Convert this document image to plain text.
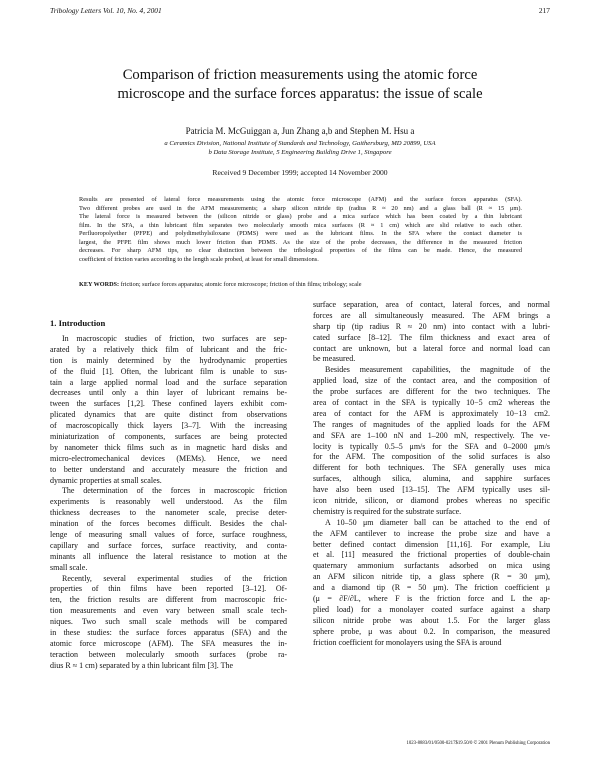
Tribology Letters Vol. 10, No. 4, 2001	217
Comparison of friction measurements using the atomic force
microscope and the surface forces apparatus: the issue of scale
Patricia M. McGuiggan a, Jun Zhang a,b and Stephen M. Hsu a
a Ceramics Division, National Institute of Standards and Technology, Gaithersburg, MD 20899, USA
b Data Storage Institute, 5 Engineering Building Drive 1, Singapore
Received 9 December 1999; accepted 14 November 2000
Results are presented of lateral force measurements using the atomic force microscope (AFM) and the surface forces apparatus (SFA).
Two different probes are used in the AFM measurements; a sharp silicon nitride tip (radius R ≈ 20 nm) and a glass ball (R ≈ 15 μm).
The lateral force is measured between the (silicon nitride or glass) probe and a mica surface which has been coated by a thin lubricant
film. In the SFA, a thin lubricant film separates two molecularly smooth mica surfaces (R ≈ 1 cm) which are slid relative to each other.
Perfluoropolyether (PFPE) and polydimethylsiloxane (PDMS) were used as the lubricant films. In the SFA where the contact diameter is
largest, the PFPE film shows much lower friction than PDMS. As the size of the probe decreases, the difference in the measured friction
decreases. For sharp AFM tips, no clear distinction between the tribological properties of the films can be made. Hence, the measured
coefficient of friction varies according to the length scale probed, at least for small dimensions.
KEY WORDS: friction; surface forces apparatus; atomic force microscope; friction of thin films; tribology; scale
1. Introduction
In macroscopic studies of friction, two surfaces are sep-
arated by a relatively thick film of lubricant and the fric-
tion is mainly determined by the hydrodynamic properties
of the fluid [1]. Often, the lubricant film is unable to sus-
tain a large applied normal load and the surface separation
decreases until only a thin layer of lubricant remains be-
tween the surfaces [1,2]. These confined layers exhibit com-
plicated dynamics that are quite distinct from observations
of macroscopically thick layers [3–7]. With the increasing
miniaturization of components, surfaces are being protected
by nanometer thick films such as in magnetic hard disks and
micro-electromechanical devices (MEMs). Hence, we need
to better understand and accurately measure the friction and
dynamic properties at small scales.
The determination of the forces in macroscopic friction
experiments is reasonably well understood. As the film
thickness decreases to the nanometer scale, precise deter-
mination of the forces becomes difficult. Besides the chal-
lenge of measuring small values of force, surface roughness,
capillary and surface forces, surface reactivity, and conta-
minants all influence the lateral resistance to motion at the
small scale.
Recently, several experimental studies of the friction
properties of thin films have been reported [3–12]. Of-
ten, the friction results are different from macroscopic fric-
tion measurements and even vary between small scale tech-
niques. Two such small scale methods will be compared
in these studies: the surface forces apparatus (SFA) and the
atomic force microscope (AFM). The SFA measures the in-
teraction between molecularly smooth surfaces (probe ra-
dius R ≈ 1 cm) separated by a thin lubricant film [3]. The
surface separation, area of contact, lateral forces, and normal
forces are all simultaneously measured. The AFM brings a
sharp tip (tip radius R ≈ 20 nm) into contact with a lubri-
cated surface [8–12]. The film thickness and exact area of
contact are unknown, but a lateral force and normal load can
be measured.
Besides measurement capabilities, the magnitude of the
applied load, size of the contact area, and the composition of
the probe surfaces are different for the two techniques. The
area of contact in the SFA is typically 10−5 cm2 whereas the
area of contact for the AFM is approximately 10−13 cm2.
The ranges of magnitudes of the applied loads for the AFM
and SFA are 1–100 nN and 1–200 mN, respectively. The ve-
locity is typically 0.5–5 μm/s for the SFA and 0–2000 μm/s
for the AFM. The composition of the solid surfaces is also
different for both techniques. The SFA generally uses mica
surfaces, although silica, alumina, and sapphire surfaces
have also been used [13–15]. The AFM typically uses sil-
icon nitride, silicon, or diamond probes whereas no specific
chemistry is required for the substrate surface.
A 10–50 μm diameter ball can be attached to the end of
the AFM cantilever to increase the probe size and have a
better defined contact dimension [11,16]. For example, Liu
et al. [11] measured the frictional properties of double-chain
quaternary ammonium surfactants adsorbed on mica using
an AFM silicon nitride tip, a glass sphere (R = 30 μm),
and a diamond tip (R = 50 μm). The friction coefficient μ
(μ = ∂F/∂L, where F is the friction force and L the ap-
plied load) for a monolayer coated surface against a sharp
silicon nitride probe was about 1.5. For the larger glass
sphere probe, μ was about 0.2. In comparison, the measured
friction coefficient for monolayers using the SFA is around
1023-8883/01/0500-0217$19.50/0 © 2001 Plenum Publishing Corporation
